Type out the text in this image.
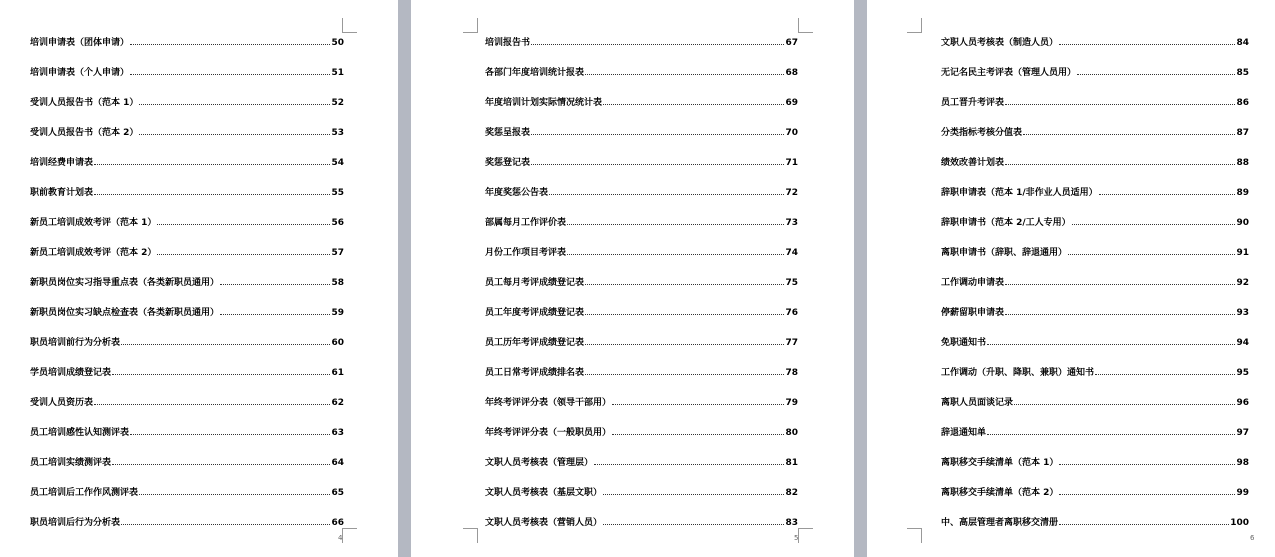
培训申请表（团体申请）	50
培训申请表（个人申请）	51
受训人员报告书（范本 1）	52
受训人员报告书（范本 2）	53
培训经费申请表	54
职前教育计划表	55
新员工培训成效考评（范本 1）	56
新员工培训成效考评（范本 2）	57
新职员岗位实习指导重点表（各类新职员通用）	58
新职员岗位实习缺点检查表（各类新职员通用）	59
职员培训前行为分析表	60
学员培训成绩登记表	61
受训人员资历表	62
员工培训感性认知测评表	63
员工培训实绩测评表	64
员工培训后工作作风测评表	65
职员培训后行为分析表	66
4
培训报告书	67
各部门年度培训统计报表	68
年度培训计划实际情况统计表	69
奖惩呈报表	70
奖惩登记表	71
年度奖惩公告表	72
部属每月工作评价表	73
月份工作项目考评表	74
员工每月考评成绩登记表	75
员工年度考评成绩登记表	76
员工历年考评成绩登记表	77
员工日常考评成绩排名表	78
年终考评评分表（领导干部用）	79
年终考评评分表（一般职员用）	80
文职人员考核表（管理层）	81
文职人员考核表（基层文职）	82
文职人员考核表（营销人员）	83
5
文职人员考核表（制造人员）	84
无记名民主考评表（管理人员用）	85
员工晋升考评表	86
分类指标考核分值表	87
绩效改善计划表	88
辞职申请表（范本 1/非作业人员适用）	89
辞职申请书（范本 2/工人专用）	90
离职申请书（辞职、辞退通用）	91
工作调动申请表	92
停薪留职申请表	93
免职通知书	94
工作调动（升职、降职、兼职）通知书	95
离职人员面谈记录	96
辞退通知单	97
离职移交手续清单（范本 1）	98
离职移交手续清单（范本 2）	99
中、高层管理者离职移交清册	100
6
